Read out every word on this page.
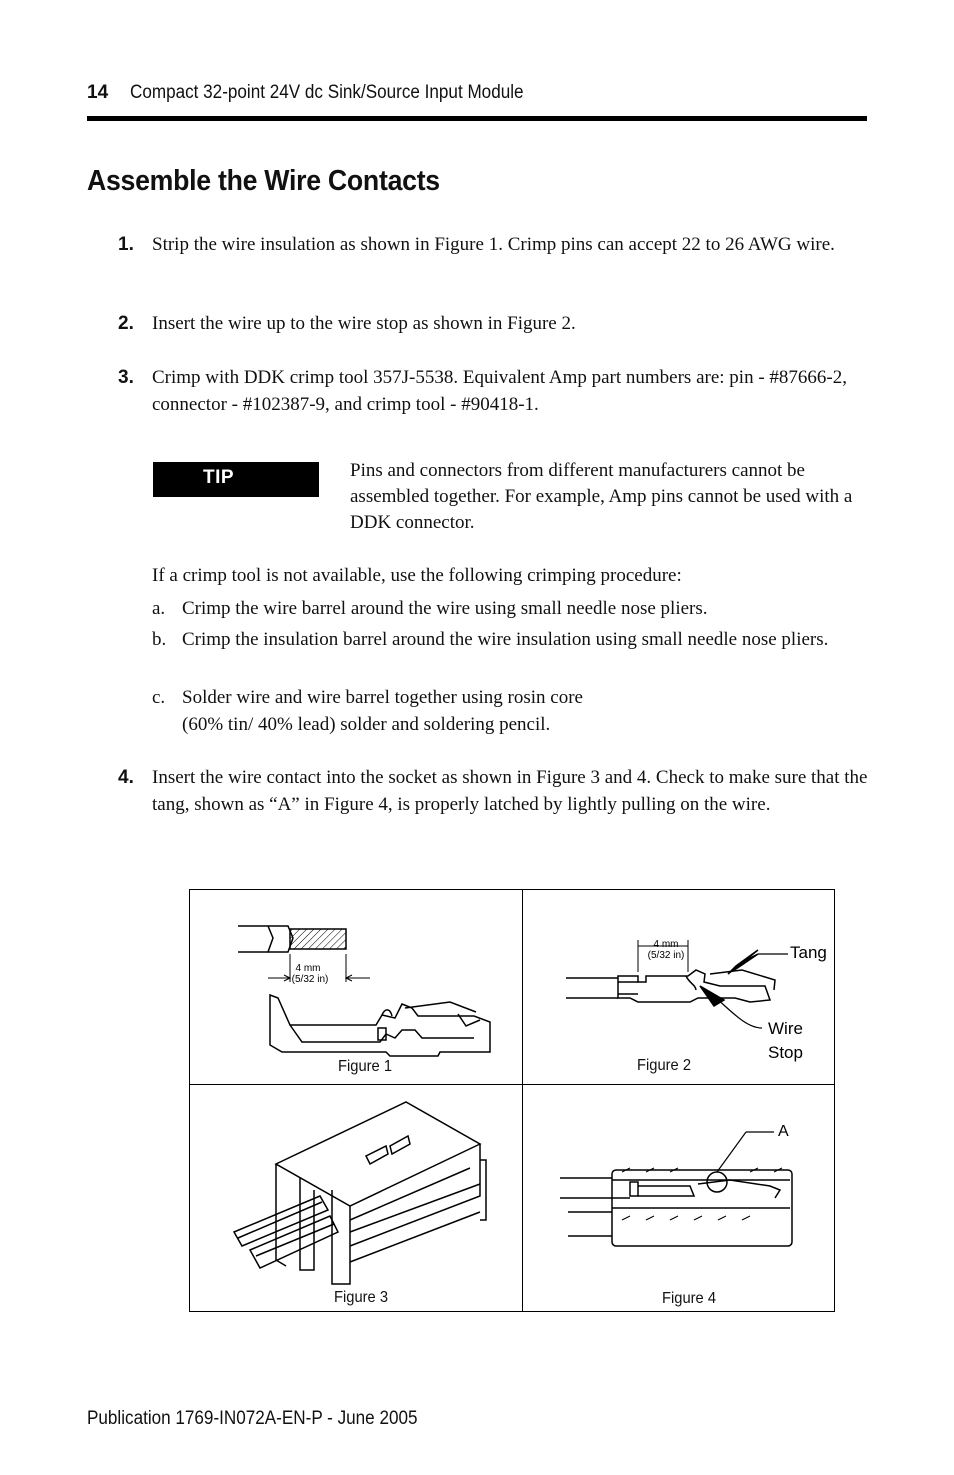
14 Compact 32-point 24V dc Sink/Source Input Module
Assemble the Wire Contacts
1. Strip the wire insulation as shown in Figure 1. Crimp pins can accept 22 to 26 AWG wire.
2. Insert the wire up to the wire stop as shown in Figure 2.
3. Crimp with DDK crimp tool 357J-5538. Equivalent Amp part numbers are: pin - #87666-2, connector - #102387-9, and crimp tool - #90418-1.
TIP	Pins and connectors from different manufacturers cannot be assembled together. For example, Amp pins cannot be used with a DDK connector.
If a crimp tool is not available, use the following crimping procedure:
a. Crimp the wire barrel around the wire using small needle nose pliers.
b. Crimp the insulation barrel around the wire insulation using small needle nose pliers.
c. Solder wire and wire barrel together using rosin core
(60% tin/ 40% lead) solder and soldering pencil.
4. Insert the wire contact into the socket as shown in Figure 3 and 4. Check to make sure that the tang, shown as “A” in Figure 4, is properly latched by lightly pulling on the wire.
4 mm
(5/32 in)
4 mm
(5/32 in)	Tang
Wire
Stop
A
Figure 1	Figure 2
Figure 3	Figure 4
Publication 1769-IN072A-EN-P - June 2005
